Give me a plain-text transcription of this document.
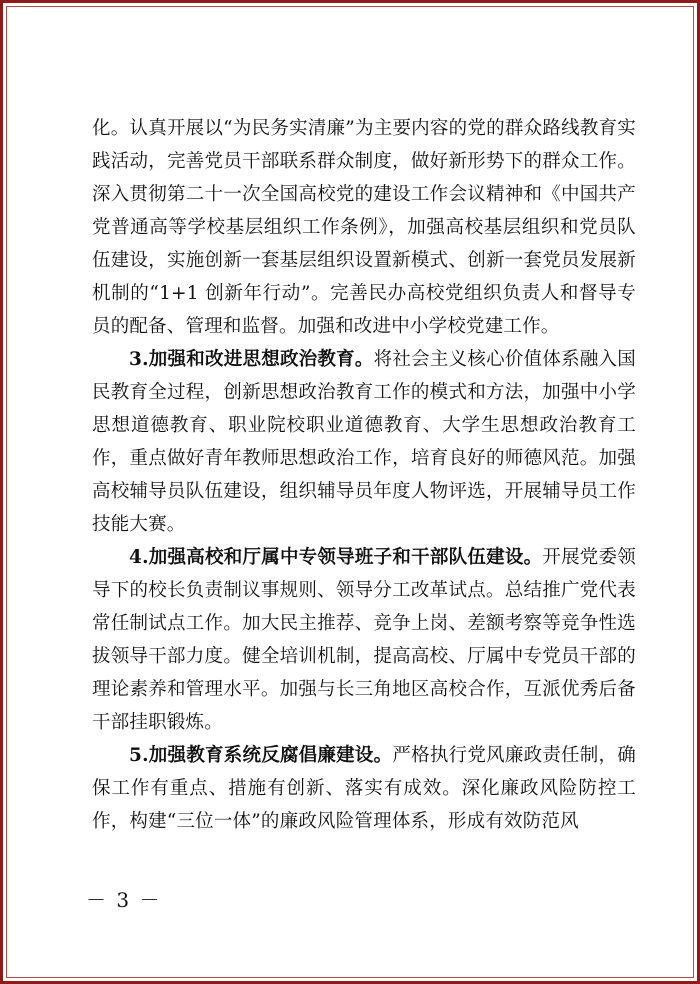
化。认真开展以“为民务实清廉”为主要内容的党的群众路线教育实践活动，完善党员干部联系群众制度，做好新形势下的群众工作。深入贯彻第二十一次全国高校党的建设工作会议精神和《中国共产党普通高等学校基层组织工作条例》，加强高校基层组织和党员队伍建设，实施创新一套基层组织设置新模式、创新一套党员发展新机制的“1+1 创新年行动”。完善民办高校党组织负责人和督导专员的配备、管理和监督。加强和改进中小学校党建工作。

3.加强和改进思想政治教育。将社会主义核心价值体系融入国民教育全过程，创新思想政治教育工作的模式和方法，加强中小学思想道德教育、职业院校职业道德教育、大学生思想政治教育工作，重点做好青年教师思想政治工作，培育良好的师德风范。加强高校辅导员队伍建设，组织辅导员年度人物评选，开展辅导员工作技能大赛。

4.加强高校和厅属中专领导班子和干部队伍建设。开展党委领导下的校长负责制议事规则、领导分工改革试点。总结推广党代表常任制试点工作。加大民主推荐、竞争上岗、差额考察等竞争性选拔领导干部力度。健全培训机制，提高高校、厅属中专党员干部的理论素养和管理水平。加强与长三角地区高校合作，互派优秀后备干部挂职锻炼。

5.加强教育系统反腐倡廉建设。严格执行党风廉政责任制，确保工作有重点、措施有创新、落实有成效。深化廉政风险防控工作，构建“三位一体”的廉政风险管理体系，形成有效防范风

－ 3 －
